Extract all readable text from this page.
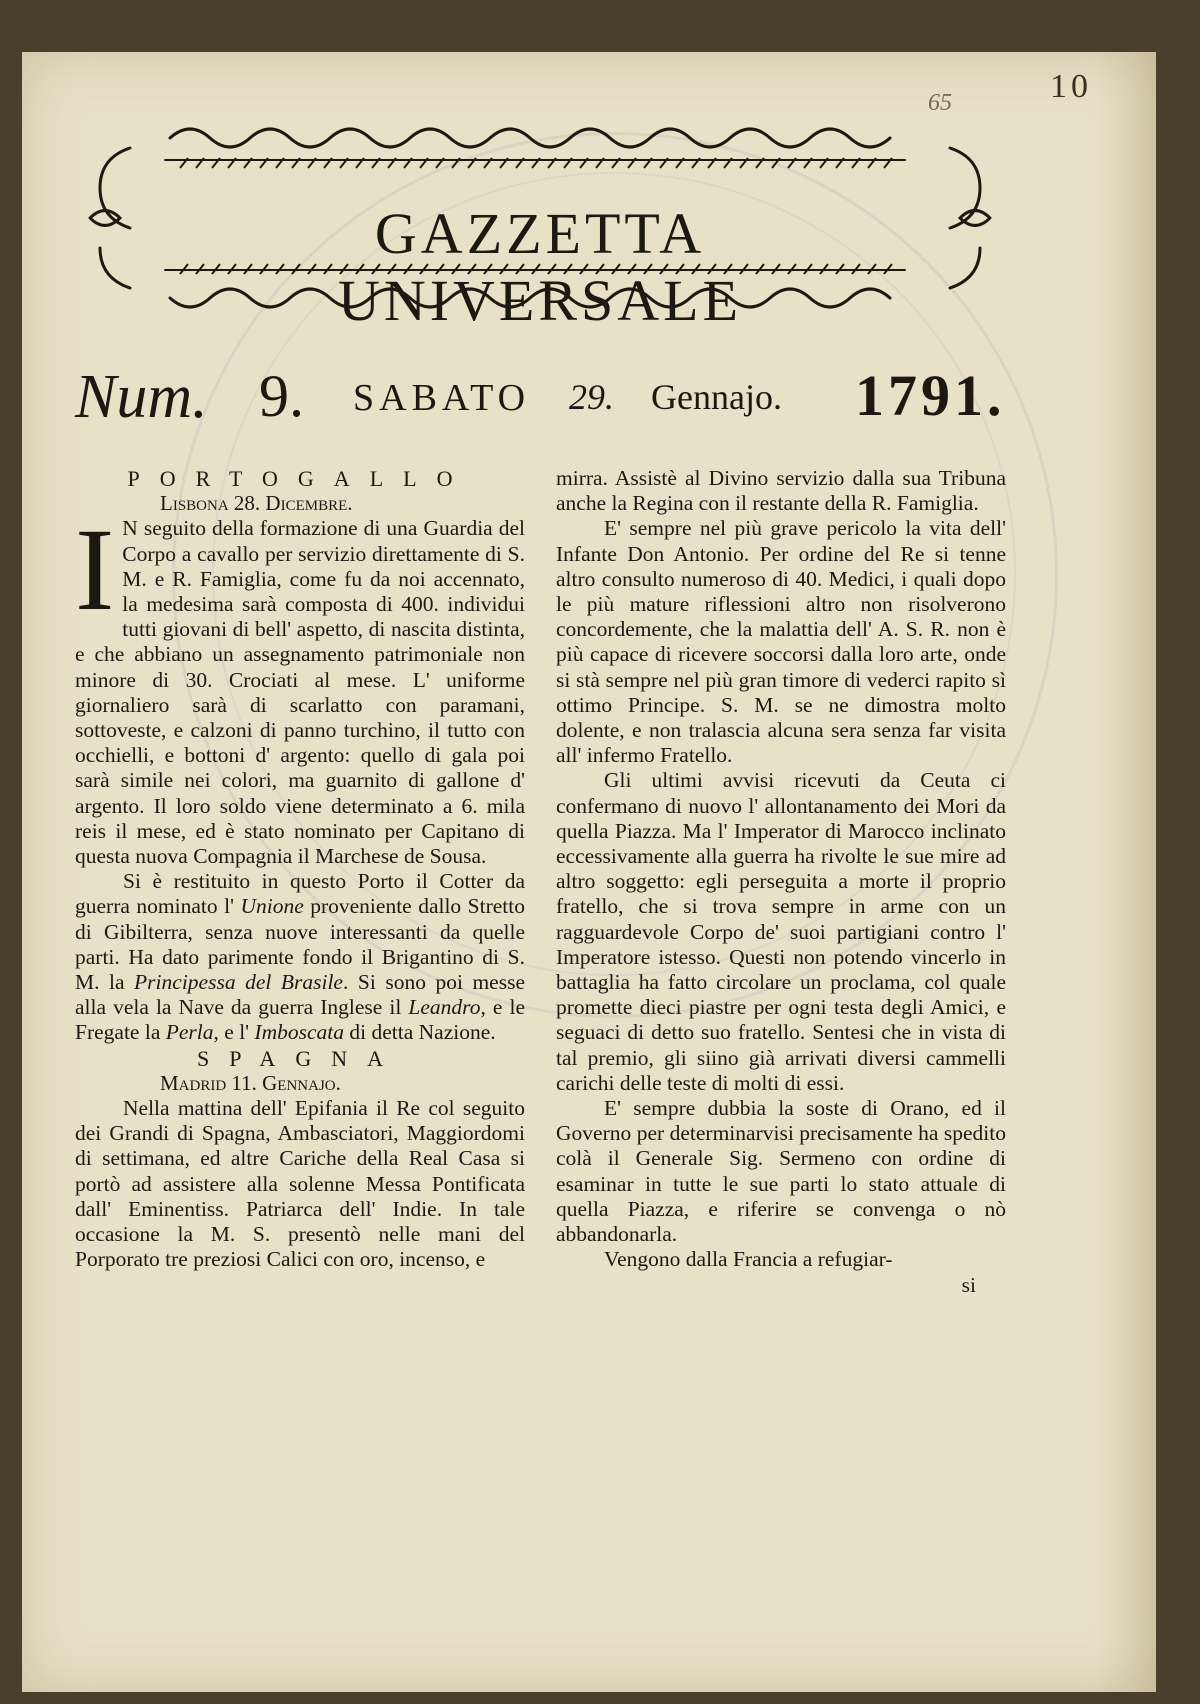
65	10
GAZZETTA UNIVERSALE
Num. 9. SABATO 29. Gennajo. 1791.

PORTOGALLO

Lisbona 28. Dicembre.

I N seguito della formazione di una Guardia del Corpo a cavallo per servizio direttamente di S. M. e R. Famiglia, come fu da noi accennato, la medesima sarà composta di 400. individui tutti giovani di bell' aspetto, di nascita distinta, e che abbiano un assegnamento patrimoniale non minore di 30. Crociati al mese. L' uniforme giornaliero sarà di scarlatto con paramani, sottoveste, e calzoni di panno turchino, il tutto con occhielli, e bottoni d' argento: quello di gala poi sarà simile nei colori, ma guarnito di gallone d' argento. Il loro soldo viene determinato a 6. mila reis il mese, ed è stato nominato per Capitano di questa nuova Compagnia il Marchese de Sousa.

Si è restituito in questo Porto il Cotter da guerra nominato l' Unione proveniente dallo Stretto di Gibilterra, senza nuove interessanti da quelle parti. Ha dato parimente fondo il Brigantino di S. M. la Principessa del Brasile. Si sono poi messe alla vela la Nave da guerra Inglese il Leandro, e le Fregate la Perla, e l' Imboscata di detta Nazione.

SPAGNA

Madrid 11. Gennajo.

Nella mattina dell' Epifania il Re col seguito dei Grandi di Spagna, Ambasciatori, Maggiordomi di settimana, ed altre Cariche della Real Casa si portò ad assistere alla solenne Messa Pontificata dall' Eminentiss. Patriarca dell' Indie. In tale occasione la M. S. presentò nelle mani del Porporato tre preziosi Calici con oro, incenso, e

mirra. Assistè al Divino servizio dalla sua Tribuna anche la Regina con il restante della R. Famiglia.

E' sempre nel più grave pericolo la vita dell' Infante Don Antonio. Per ordine del Re si tenne altro consulto numeroso di 40. Medici, i quali dopo le più mature riflessioni altro non risolverono concordemente, che la malattia dell' A. S. R. non è più capace di ricevere soccorsi dalla loro arte, onde si stà sempre nel più gran timore di vederci rapito sì ottimo Principe. S. M. se ne dimostra molto dolente, e non tralascia alcuna sera senza far visita all' infermo Fratello.

Gli ultimi avvisi ricevuti da Ceuta ci confermano di nuovo l' allontanamento dei Mori da quella Piazza. Ma l' Imperator di Marocco inclinato eccessivamente alla guerra ha rivolte le sue mire ad altro soggetto: egli perseguita a morte il proprio fratello, che si trova sempre in arme con un ragguardevole Corpo de' suoi partigiani contro l' Imperatore istesso. Questi non potendo vincerlo in battaglia ha fatto circolare un proclama, col quale promette dieci piastre per ogni testa degli Amici, e seguaci di detto suo fratello. Sentesi che in vista di tal premio, gli siino già arrivati diversi cammelli carichi delle teste di molti di essi.

E' sempre dubbia la soste di Orano, ed il Governo per determinarvisi precisamente ha spedito colà il Generale Sig. Sermeno con ordine di esaminar in tutte le sue parti lo stato attuale di quella Piazza, e riferire se convenga o nò abbandonarla.

Vengono dalla Francia a refugiar-

si
